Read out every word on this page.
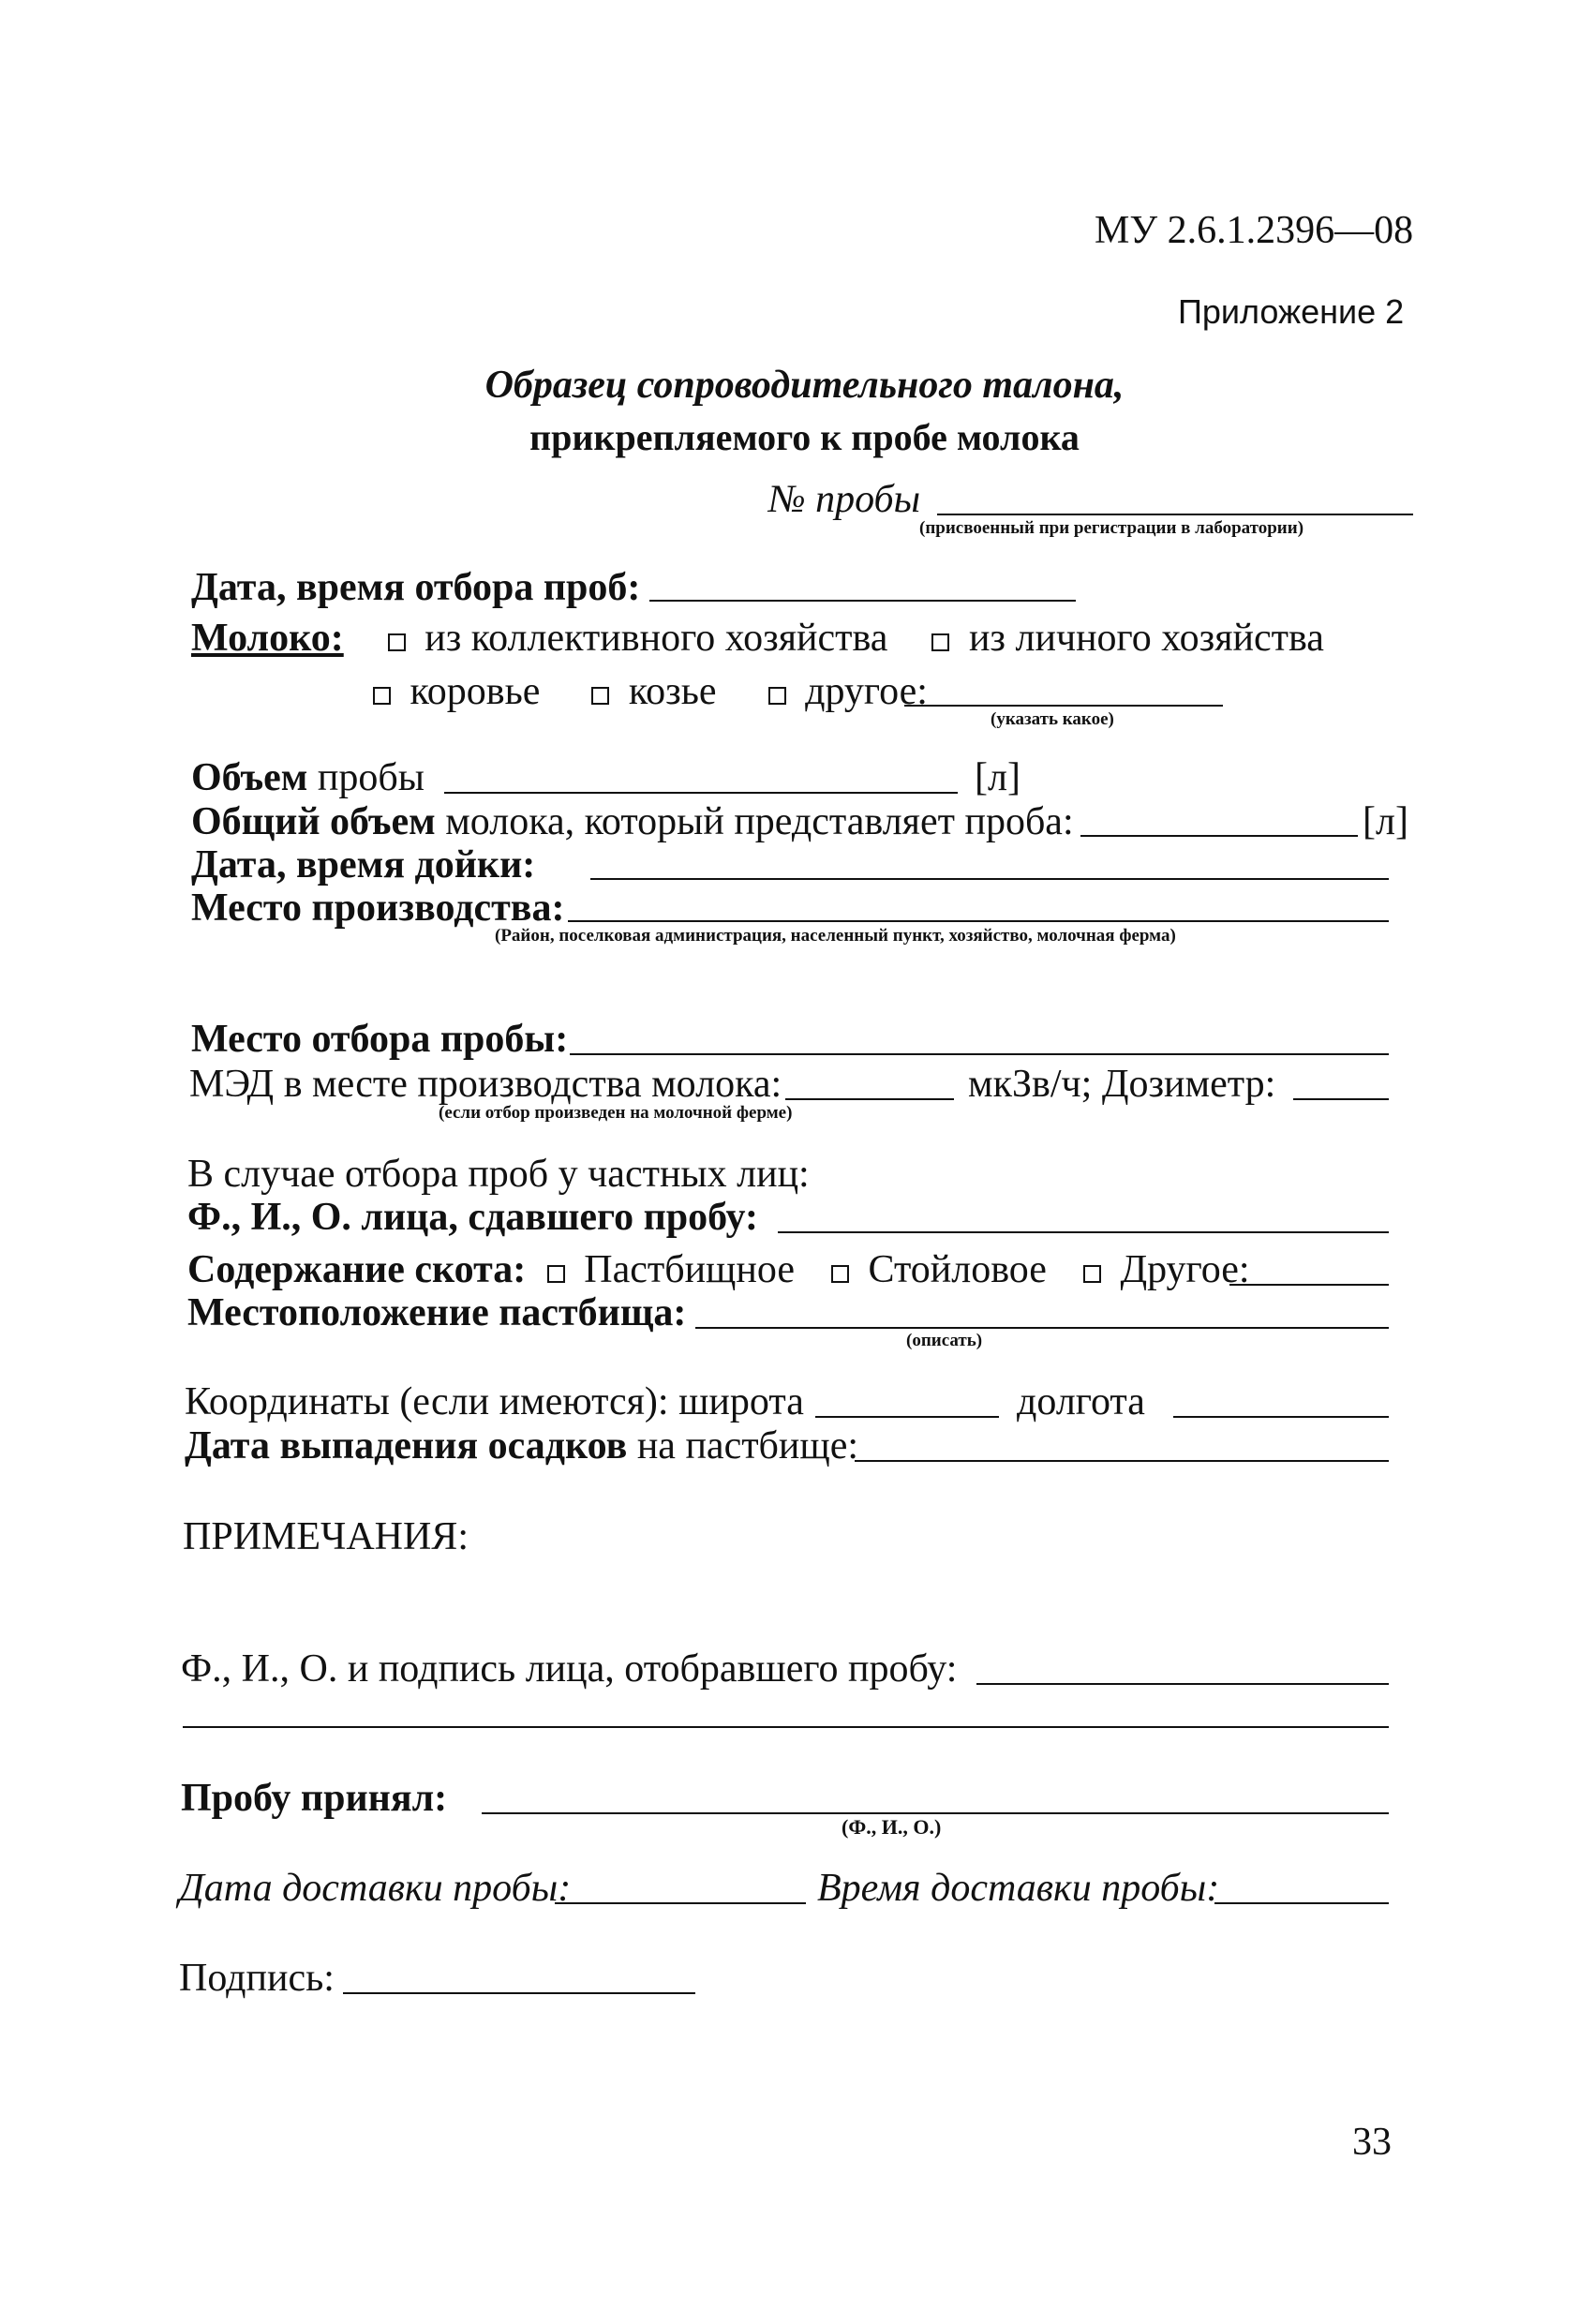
МУ 2.6.1.2396—08
Приложение 2
Образец сопроводительного талона,
прикрепляемого к пробе молока
№ пробы
(присвоенный при регистрации в лаборатории)
Дата, время отбора проб:
Молоко: из коллективного хозяйства из личного хозяйства
коровье козье другое:
(указать какое)
Объем пробы	[л]
Общий объем молока, который представляет проба:	[л]
Дата, время дойки:
Место производства:
(Район, поселковая администрация, населенный пункт, хозяйство, молочная ферма)
Место отбора пробы:
МЭД в месте производства молока:	мкЗв/ч; Дозиметр:
(если отбор произведен на молочной ферме)
В случае отбора проб у частных лиц:
Ф., И., О. лица, сдавшего пробу:
Содержание скота: Пастбищное Стойловое Другое:
Местоположение пастбища:
(описать)
Координаты (если имеются): широта	долгота
Дата выпадения осадков на пастбище:
ПРИМЕЧАНИЯ:
Ф., И., О. и подпись лица, отобравшего пробу:
Пробу принял:
(Ф., И., О.)
Дата доставки пробы:	Время доставки пробы:
Подпись:
33
